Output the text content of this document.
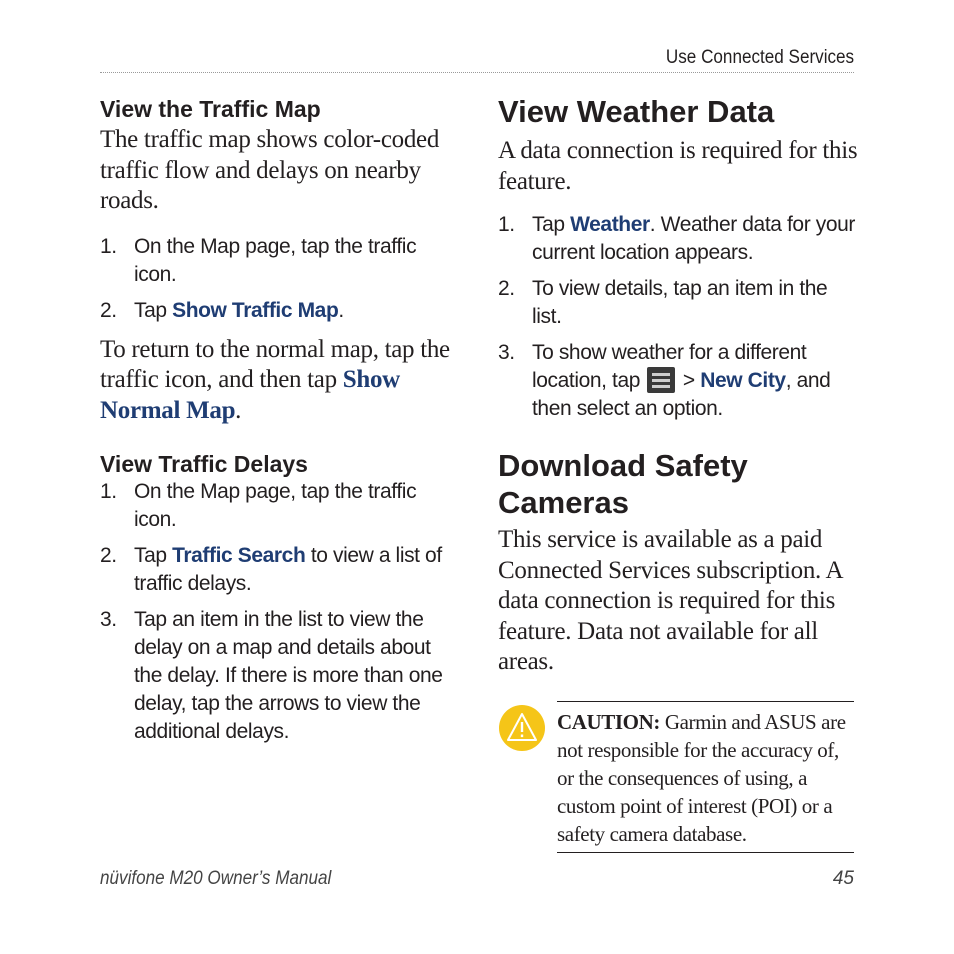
Use Connected Services
View the Traffic Map

The traffic map shows color-coded traffic flow and delays on nearby roads.

1. On the Map page, tap the traffic icon.
2. Tap Show Traffic Map.

To return to the normal map, tap the traffic icon, and then tap Show Normal Map.

View Traffic Delays
1. On the Map page, tap the traffic icon.
2. Tap Traffic Search to view a list of traffic delays.
3. Tap an item in the list to view the delay on a map and details about the delay. If there is more than one delay, tap the arrows to view the additional delays.
View Weather Data

A data connection is required for this feature.

1. Tap Weather. Weather data for your current location appears.
2. To view details, tap an item in the list.
3. To show weather for a different location, tap
> New City, and then select an option.
Download Safety
Cameras

This service is available as a paid Connected Services subscription. A data connection is required for this feature. Data not available for all areas.

CAUTION: Garmin and ASUS are not responsible for the accuracy of, or the consequences of using, a custom point of interest (POI) or a safety camera database.

nüvifone M20 Owner’s Manual	45
